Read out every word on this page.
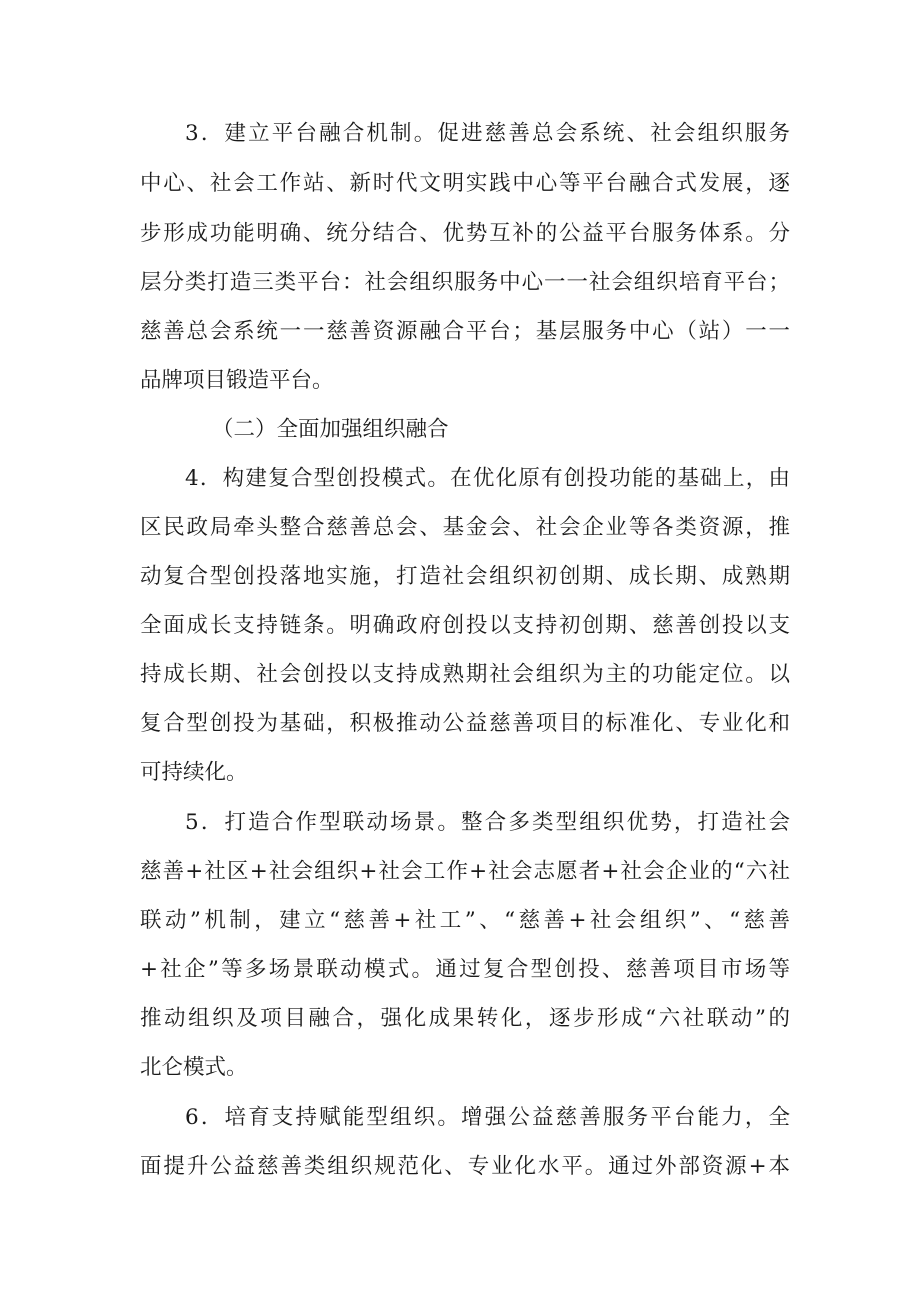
3．建立平台融合机制。促进慈善总会系统、社会组织服务
中心、社会工作站、新时代文明实践中心等平台融合式发展，逐
步形成功能明确、统分结合、优势互补的公益平台服务体系。分
层分类打造三类平台：社会组织服务中心一一社会组织培育平台；
慈善总会系统一一慈善资源融合平台；基层服务中心（站）一一
品牌项目锻造平台。
（二）全面加强组织融合
4．构建复合型创投模式。在优化原有创投功能的基础上，由
区民政局牵头整合慈善总会、基金会、社会企业等各类资源，推
动复合型创投落地实施，打造社会组织初创期、成长期、成熟期
全面成长支持链条。明确政府创投以支持初创期、慈善创投以支
持成长期、社会创投以支持成熟期社会组织为主的功能定位。以
复合型创投为基础，积极推动公益慈善项目的标准化、专业化和
可持续化。
5．打造合作型联动场景。整合多类型组织优势，打造社会
慈善+社区+社会组织+社会工作+社会志愿者+社会企业的“六社
联动”机制，建立“慈善+社工”、“慈善+社会组织”、“慈善
+社企”等多场景联动模式。通过复合型创投、慈善项目市场等
推动组织及项目融合，强化成果转化，逐步形成“六社联动”的
北仑模式。
6．培育支持赋能型组织。增强公益慈善服务平台能力，全
面提升公益慈善类组织规范化、专业化水平。通过外部资源+本
